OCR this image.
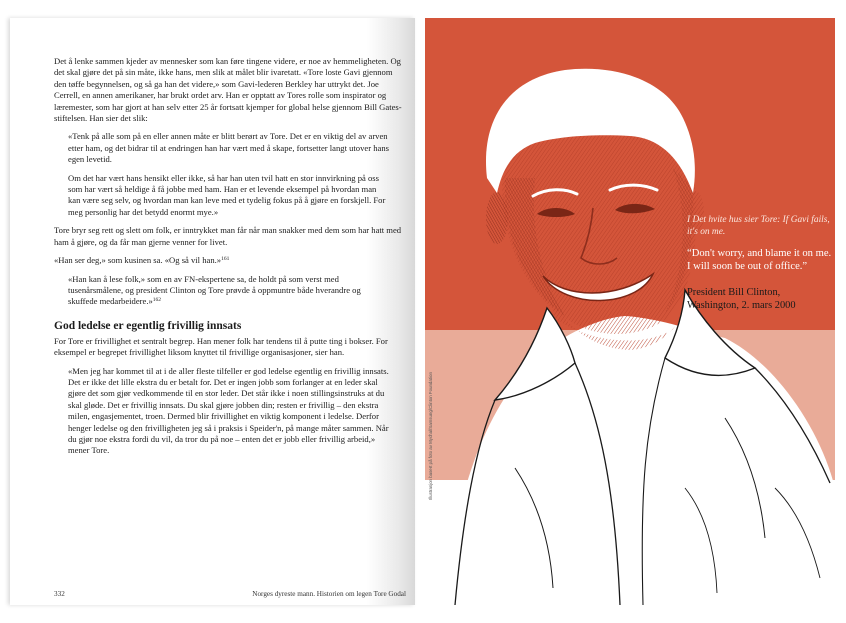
Det å lenke sammen kjeder av mennesker som kan føre tingene videre, er noe av hemmeligheten. Og det skal gjøre det på sin måte, ikke hans, men slik at målet blir ivaretatt. «Tore loste Gavi gjennom den tøffe begynnelsen, og så ga han det videre,» som Gavi-lederen Berkley har uttrykt det. Joe Cerrell, en annen amerikaner, har brukt ordet arv. Han er opptatt av Tores rolle som inspirator og læremester, som har gjort at han selv etter 25 år fortsatt kjemper for global helse gjennom Bill Gates-stiftelsen. Han sier det slik:

«Tenk på alle som på en eller annen måte er blitt berørt av Tore. Det er en viktig del av arven etter ham, og det bidrar til at endringen han har vært med å skape, fortsetter langt utover hans egen levetid.

Om det har vært hans hensikt eller ikke, så har han uten tvil hatt en stor innvirkning på oss som har vært så heldige å få jobbe med ham. Han er et levende eksempel på hvordan man kan være seg selv, og hvordan man kan leve med et tydelig fokus på å gjøre en forskjell. For meg personlig har det betydd enormt mye.»

Tore bryr seg rett og slett om folk, er inntrykket man får når man snakker med dem som har hatt med ham å gjøre, og da får man gjerne venner for livet.

«Han ser deg,» som kusinen sa. «Og så vil han.»$^{161}$

«Han kan å lese folk,» som en av FN-ekspertene sa, de holdt på som verst med tusenårsmålene, og president Clinton og Tore prøvde å oppmuntre både hverandre og skuffede medarbeidere.»$^{162}$

God ledelse er egentlig frivillig innsats

For Tore er frivillighet et sentralt begrep. Han mener folk har tendens til å putte ting i bokser. For eksempel er begrepet frivillighet liksom knyttet til frivillige organisasjoner, sier han.

«Men jeg har kommet til at i de aller fleste tilfeller er god ledelse egentlig en frivillig innsats. Det er ikke det lille ekstra du er betalt for. Det er ingen jobb som forlanger at en leder skal gjøre det som gjør vedkommende til en stor leder. Det står ikke i noen stillingsinstruks at du skal gløde. Det er frivillig innsats. Du skal gjøre jobben din; resten er frivillig – den ekstra milen, engasjementet, troen. Dermed blir frivillighet en viktig komponent i ledelse. Derfor henger ledelse og den frivilligheten jeg så i praksis i Speider'n, på mange måter sammen. Når du gjør noe ekstra fordi du vil, da tror du på noe – enten det er jobb eller frivillig arbeid,» mener Tore.

332	Norges dyreste mann. Historien om legen Tore Godal

I Det hvite hus sier Tore: If Gavi fails, it's on me.

“Don't worry, and blame it on me. I will soon be out of office.”

President Bill Clinton, Washington, 2. mars 2000

Illustrasjon basert på foto av Mychal/Samsung/Clinton Foundation
